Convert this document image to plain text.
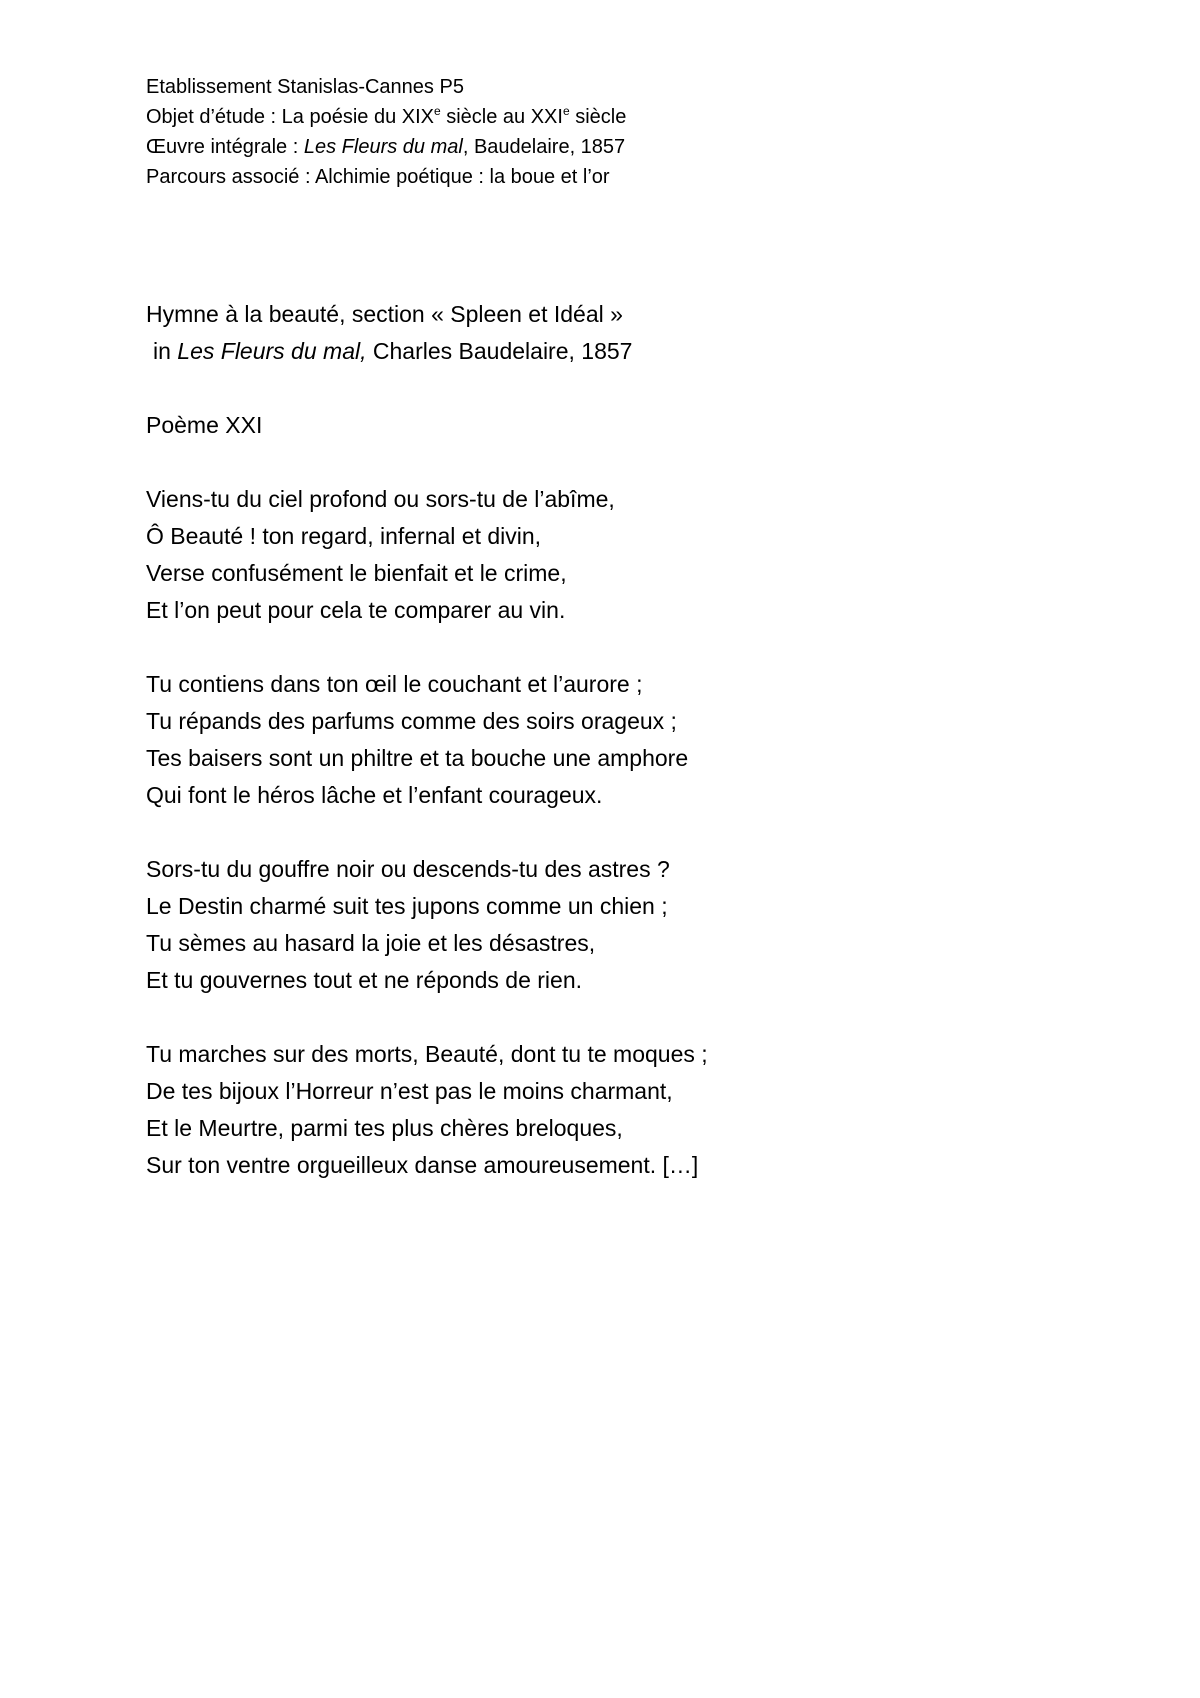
Etablissement Stanislas-Cannes P5
Objet d’étude : La poésie du XIXe siècle au XXIe siècle
Œuvre intégrale : Les Fleurs du mal, Baudelaire, 1857
Parcours associé : Alchimie poétique : la boue et l’or
Hymne à la beauté, section « Spleen et Idéal »
in Les Fleurs du mal, Charles Baudelaire, 1857
Poème XXI
Viens-tu du ciel profond ou sors-tu de l’abîme,
Ô Beauté ! ton regard, infernal et divin,
Verse confusément le bienfait et le crime,
Et l’on peut pour cela te comparer au vin.
Tu contiens dans ton œil le couchant et l’aurore ;
Tu répands des parfums comme des soirs orageux ;
Tes baisers sont un philtre et ta bouche une amphore
Qui font le héros lâche et l’enfant courageux.
Sors-tu du gouffre noir ou descends-tu des astres ?
Le Destin charmé suit tes jupons comme un chien ;
Tu sèmes au hasard la joie et les désastres,
Et tu gouvernes tout et ne réponds de rien.
Tu marches sur des morts, Beauté, dont tu te moques ;
De tes bijoux l’Horreur n’est pas le moins charmant,
Et le Meurtre, parmi tes plus chères breloques,
Sur ton ventre orgueilleux danse amoureusement. […]
